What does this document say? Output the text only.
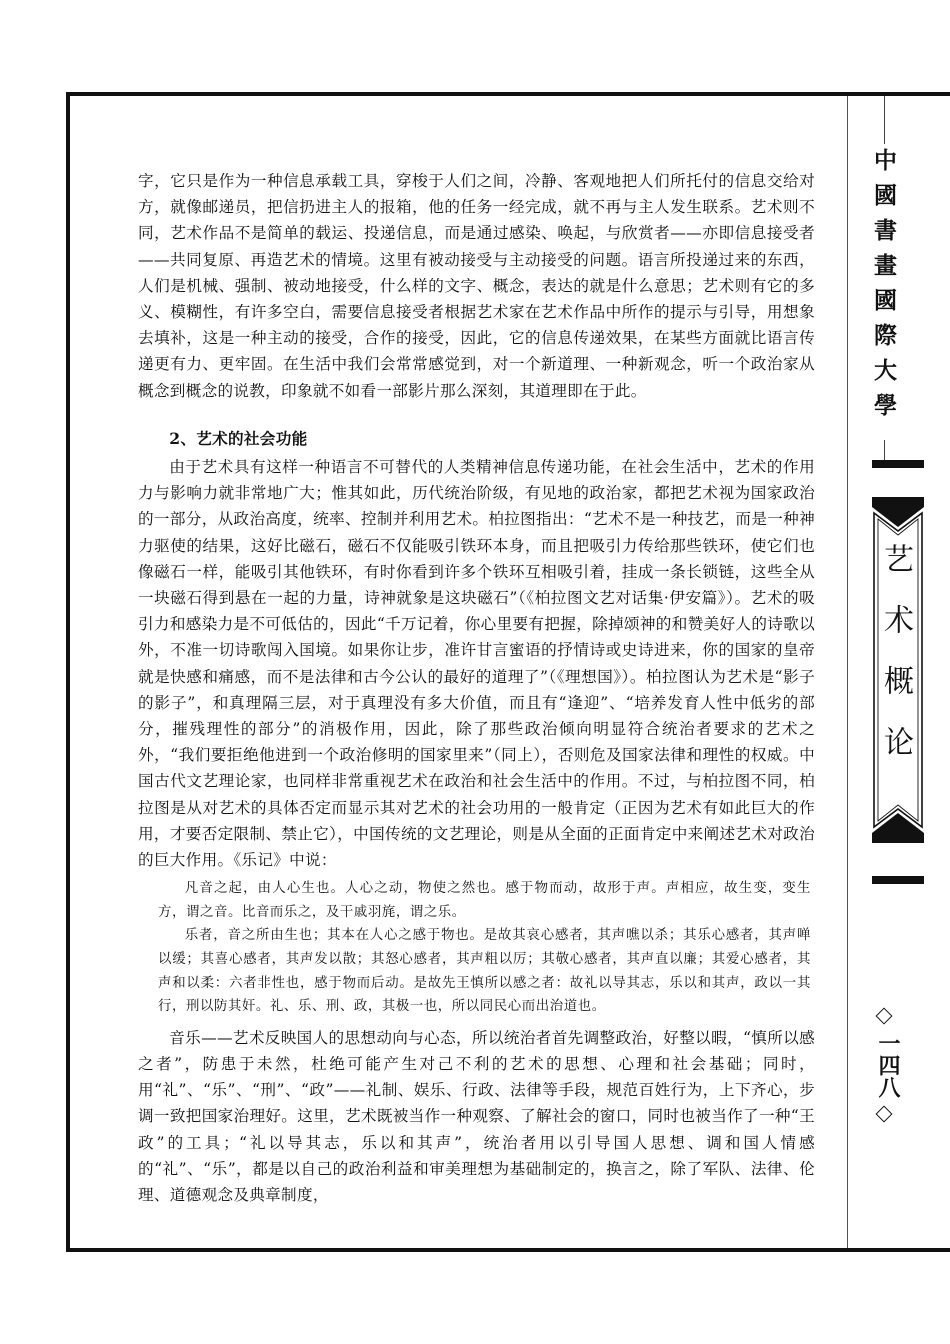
字，它只是作为一种信息承载工具，穿梭于人们之间，冷静、客观地把人们所托付的信息交给对方，就像邮递员，把信扔进主人的报箱，他的任务一经完成，就不再与主人发生联系。艺术则不同，艺术作品不是简单的载运、投递信息，而是通过感染、唤起，与欣赏者——亦即信息接受者——共同复原、再造艺术的情境。这里有被动接受与主动接受的问题。语言所投递过来的东西，人们是机械、强制、被动地接受，什么样的文字、概念，表达的就是什么意思；艺术则有它的多义、模糊性，有许多空白，需要信息接受者根据艺术家在艺术作品中所作的提示与引导，用想象去填补，这是一种主动的接受，合作的接受，因此，它的信息传递效果，在某些方面就比语言传递更有力、更牢固。在生活中我们会常常感觉到，对一个新道理、一种新观念，听一个政治家从概念到概念的说教，印象就不如看一部影片那么深刻，其道理即在于此。

2、艺术的社会功能

由于艺术具有这样一种语言不可替代的人类精神信息传递功能，在社会生活中，艺术的作用力与影响力就非常地广大；惟其如此，历代统治阶级，有见地的政治家，都把艺术视为国家政治的一部分，从政治高度，统率、控制并利用艺术。柏拉图指出：“艺术不是一种技艺，而是一种神力驱使的结果，这好比磁石，磁石不仅能吸引铁环本身，而且把吸引力传给那些铁环，使它们也像磁石一样，能吸引其他铁环，有时你看到许多个铁环互相吸引着，挂成一条长锁链，这些全从一块磁石得到悬在一起的力量，诗神就象是这块磁石”（《柏拉图文艺对话集·伊安篇》）。艺术的吸引力和感染力是不可低估的，因此“千万记着，你心里要有把握，除掉颂神的和赞美好人的诗歌以外，不准一切诗歌闯入国境。如果你让步，准许甘言蜜语的抒情诗或史诗进来，你的国家的皇帝就是快感和痛感，而不是法律和古今公认的最好的道理了”（《理想国》）。柏拉图认为艺术是“影子的影子”，和真理隔三层，对于真理没有多大价值，而且有“逢迎”、“培养发育人性中低劣的部分，摧残理性的部分”的消极作用，因此，除了那些政治倾向明显符合统治者要求的艺术之外，“我们要拒绝他进到一个政治修明的国家里来”（同上），否则危及国家法律和理性的权威。中国古代文艺理论家，也同样非常重视艺术在政治和社会生活中的作用。不过，与柏拉图不同，柏拉图是从对艺术的具体否定而显示其对艺术的社会功用的一般肯定（正因为艺术有如此巨大的作用，才要否定限制、禁止它），中国传统的文艺理论，则是从全面的正面肯定中来阐述艺术对政治的巨大作用。《乐记》中说：

凡音之起，由人心生也。人心之动，物使之然也。感于物而动，故形于声。声相应，故生变，变生方，谓之音。比音而乐之，及干戚羽旄，谓之乐。

乐者，音之所由生也；其本在人心之感于物也。是故其哀心感者，其声噍以杀；其乐心感者，其声啴以缓；其喜心感者，其声发以散；其怒心感者，其声粗以厉；其敬心感者，其声直以廉；其爱心感者，其声和以柔：六者非性也，感于物而后动。是故先王慎所以感之者：故礼以导其志，乐以和其声，政以一其行，刑以防其奸。礼、乐、刑、政，其极一也，所以同民心而出治道也。

音乐——艺术反映国人的思想动向与心态，所以统治者首先调整政治，好整以暇，“慎所以感之者”，防患于未然，杜绝可能产生对己不利的艺术的思想、心理和社会基础；同时，用“礼”、“乐”、“刑”、“政”——礼制、娱乐、行政、法律等手段，规范百姓行为，上下齐心，步调一致把国家治理好。这里，艺术既被当作一种观察、了解社会的窗口，同时也被当作了一种“王政”的工具；“礼以导其志，乐以和其声”，统治者用以引导国人思想、调和国人情感的“礼”、“乐”，都是以自己的政治利益和审美理想为基础制定的，换言之，除了军队、法律、伦理、道德观念及典章制度，

中國書畫國際大學
艺术概论
一四八
